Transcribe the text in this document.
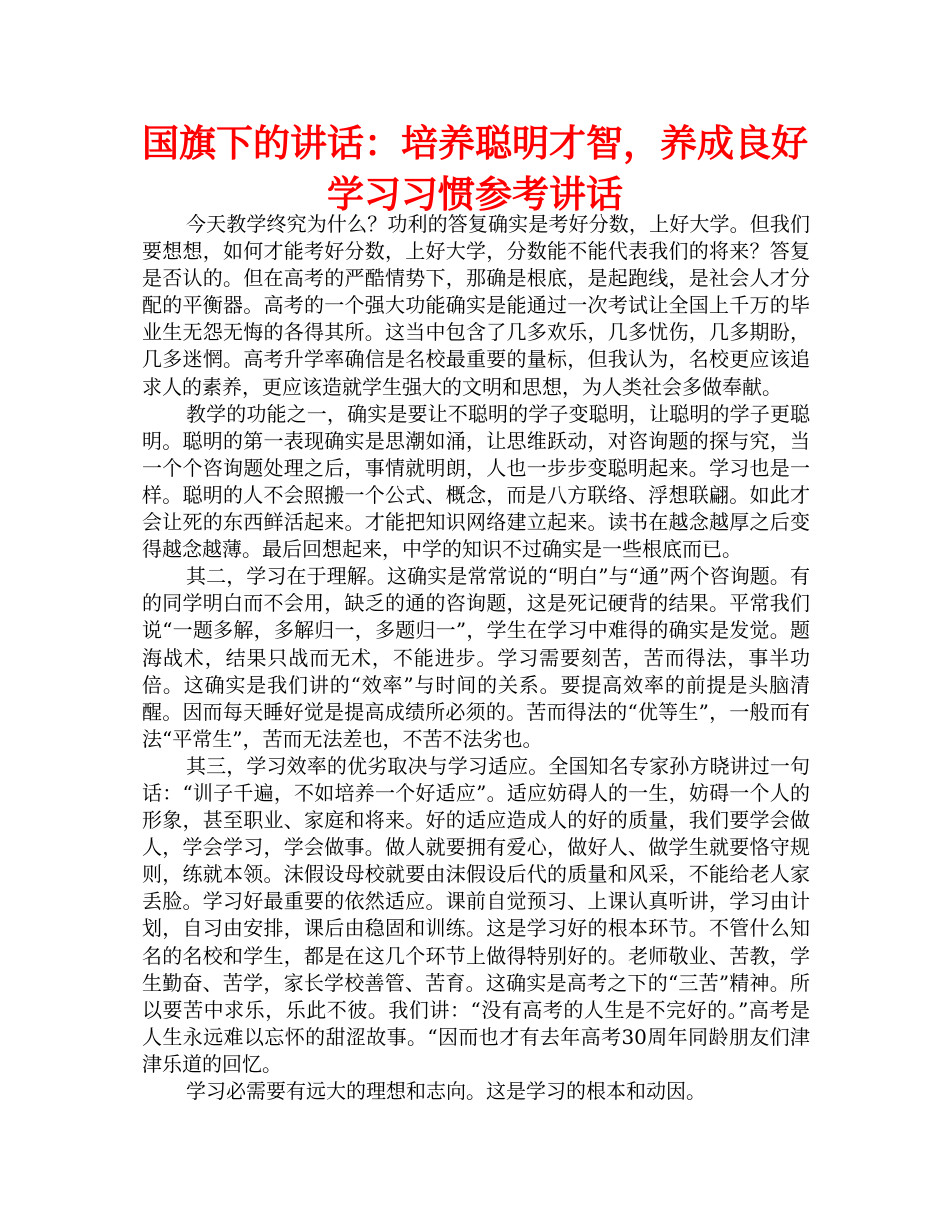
国旗下的讲话：培养聪明才智，养成良好学习习惯参考讲话

今天教学终究为什么？功利的答复确实是考好分数，上好大学。但我们要想想，如何才能考好分数，上好大学，分数能不能代表我们的将来？答复是否认的。但在高考的严酷情势下，那确是根底，是起跑线，是社会人才分配的平衡器。高考的一个强大功能确实是能通过一次考试让全国上千万的毕业生无怨无悔的各得其所。这当中包含了几多欢乐，几多忧伤，几多期盼，几多迷惘。高考升学率确信是名校最重要的量标，但我认为，名校更应该追求人的素养，更应该造就学生强大的文明和思想，为人类社会多做奉献。

教学的功能之一，确实是要让不聪明的学子变聪明，让聪明的学子更聪明。聪明的第一表现确实是思潮如涌，让思维跃动，对咨询题的探与究，当一个个咨询题处理之后，事情就明朗，人也一步步变聪明起来。学习也是一样。聪明的人不会照搬一个公式、概念，而是八方联络、浮想联翩。如此才会让死的东西鲜活起来。才能把知识网络建立起来。读书在越念越厚之后变得越念越薄。最后回想起来，中学的知识不过确实是一些根底而已。

其二，学习在于理解。这确实是常常说的“明白”与“通”两个咨询题。有的同学明白而不会用，缺乏的通的咨询题，这是死记硬背的结果。平常我们说“一题多解，多解归一，多题归一”，学生在学习中难得的确实是发觉。题海战术，结果只战而无术，不能进步。学习需要刻苦，苦而得法，事半功倍。这确实是我们讲的“效率”与时间的关系。要提高效率的前提是头脑清醒。因而每天睡好觉是提高成绩所必须的。苦而得法的“优等生”，一般而有法“平常生”，苦而无法差也，不苦不法劣也。

其三，学习效率的优劣取决与学习适应。全国知名专家孙方晓讲过一句话：“训子千遍，不如培养一个好适应”。适应妨碍人的一生，妨碍一个人的形象，甚至职业、家庭和将来。好的适应造成人的好的质量，我们要学会做人，学会学习，学会做事。做人就要拥有爱心，做好人、做学生就要恪守规则，练就本领。沫假设母校就要由沫假设后代的质量和风采，不能给老人家丢脸。学习好最重要的依然适应。课前自觉预习、上课认真听讲，学习由计划，自习由安排，课后由稳固和训练。这是学习好的根本环节。不管什么知名的名校和学生，都是在这几个环节上做得特别好的。老师敬业、苦教，学生勤奋、苦学，家长学校善管、苦育。这确实是高考之下的“三苦”精神。所以要苦中求乐，乐此不彼。我们讲：“没有高考的人生是不完好的。”高考是人生永远难以忘怀的甜涩故事。“因而也才有去年高考30周年同龄朋友们津津乐道的回忆。

学习必需要有远大的理想和志向。这是学习的根本和动因。
